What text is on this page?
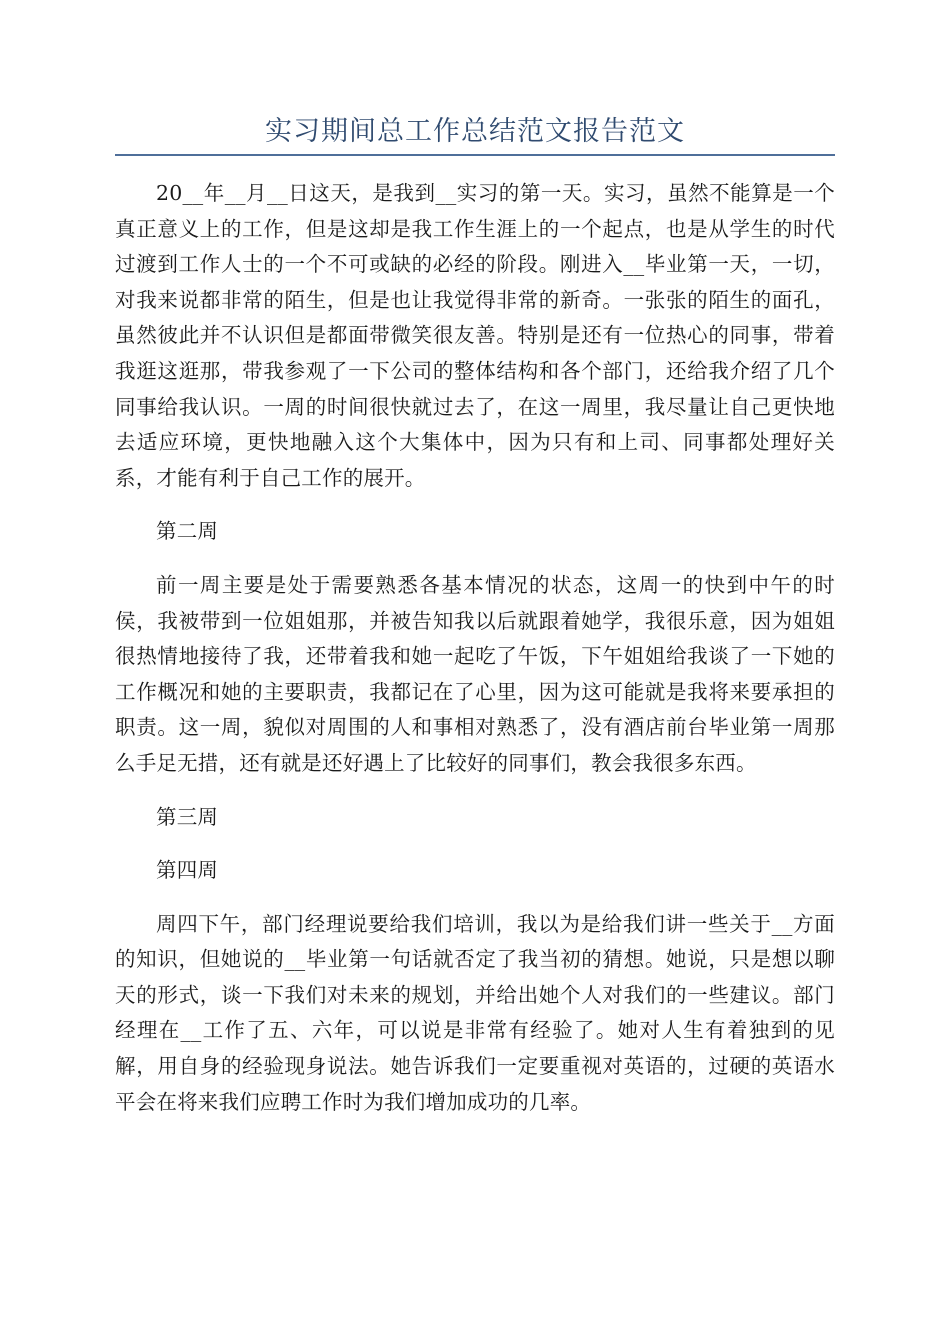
实习期间总工作总结范文报告范文

20__年__月__日这天，是我到__实习的第一天。实习，虽然不能算是一个真正意义上的工作，但是这却是我工作生涯上的一个起点，也是从学生的时代过渡到工作人士的一个不可或缺的必经的阶段。刚进入__毕业第一天，一切，对我来说都非常的陌生，但是也让我觉得非常的新奇。一张张的陌生的面孔，虽然彼此并不认识但是都面带微笑很友善。特别是还有一位热心的同事，带着我逛这逛那，带我参观了一下公司的整体结构和各个部门，还给我介绍了几个同事给我认识。一周的时间很快就过去了，在这一周里，我尽量让自己更快地去适应环境，更快地融入这个大集体中，因为只有和上司、同事都处理好关系，才能有利于自己工作的展开。

第二周

前一周主要是处于需要熟悉各基本情况的状态，这周一的快到中午的时侯，我被带到一位姐姐那，并被告知我以后就跟着她学，我很乐意，因为姐姐很热情地接待了我，还带着我和她一起吃了午饭，下午姐姐给我谈了一下她的工作概况和她的主要职责，我都记在了心里，因为这可能就是我将来要承担的职责。这一周，貌似对周围的人和事相对熟悉了，没有酒店前台毕业第一周那么手足无措，还有就是还好遇上了比较好的同事们，教会我很多东西。

第三周

第四周

周四下午，部门经理说要给我们培训，我以为是给我们讲一些关于__方面的知识，但她说的__毕业第一句话就否定了我当初的猜想。她说，只是想以聊天的形式，谈一下我们对未来的规划，并给出她个人对我们的一些建议。部门经理在__工作了五、六年，可以说是非常有经验了。她对人生有着独到的见解，用自身的经验现身说法。她告诉我们一定要重视对英语的，过硬的英语水平会在将来我们应聘工作时为我们增加成功的几率。
